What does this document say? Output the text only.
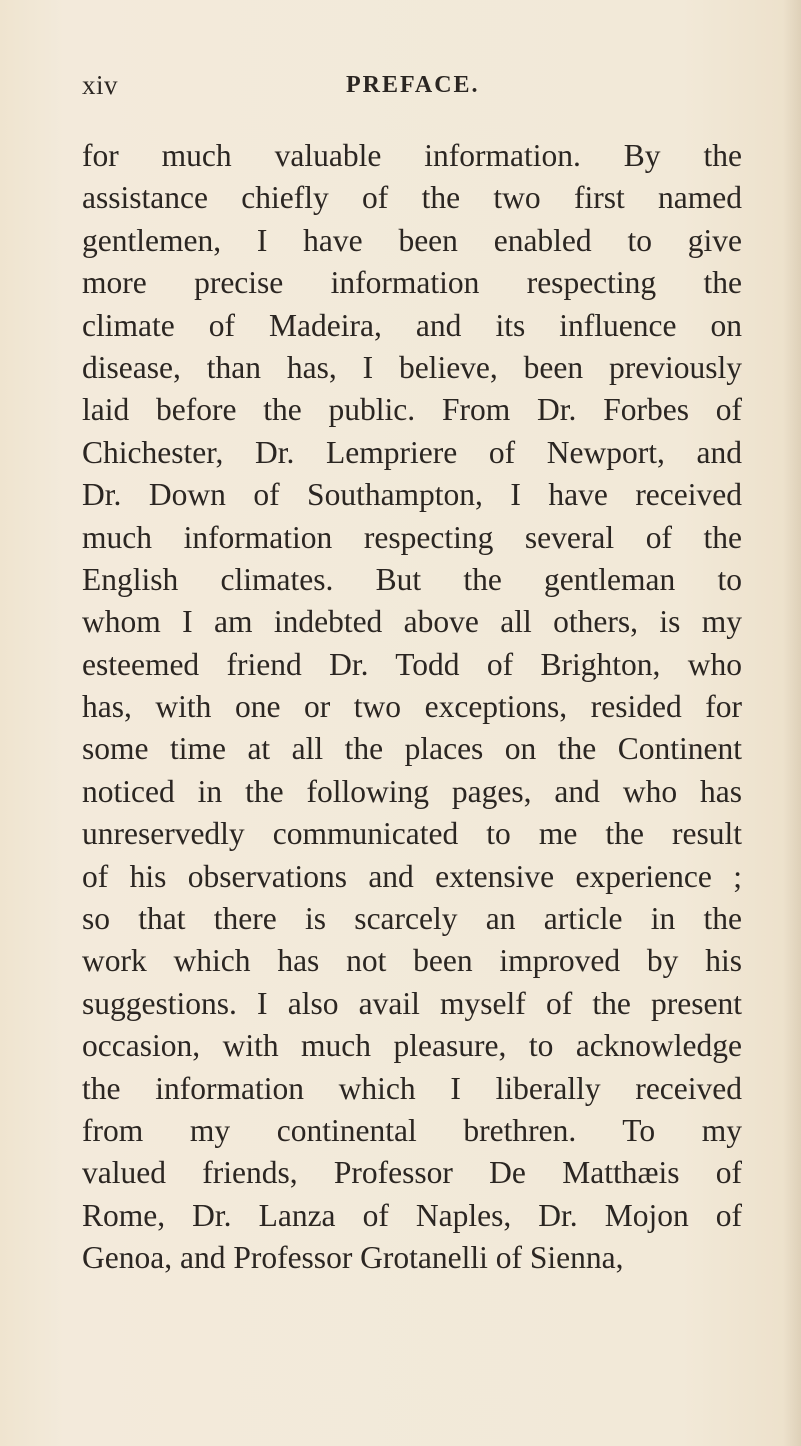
xiv	PREFACE.
for much valuable information. By the
assistance chiefly of the two first named
gentlemen, I have been enabled to give
more precise information respecting the
climate of Madeira, and its influence on
disease, than has, I believe, been previously
laid before the public. From Dr. Forbes of
Chichester, Dr. Lempriere of Newport, and
Dr. Down of Southampton, I have received
much information respecting several of the
English climates. But the gentleman to
whom I am indebted above all others, is my
esteemed friend Dr. Todd of Brighton, who
has, with one or two exceptions, resided for
some time at all the places on the Continent
noticed in the following pages, and who has
unreservedly communicated to me the result
of his observations and extensive experience ;
so that there is scarcely an article in the
work which has not been improved by his
suggestions. I also avail myself of the present
occasion, with much pleasure, to acknowledge
the information which I liberally received
from my continental brethren. To my
valued friends, Professor De Matthæis of
Rome, Dr. Lanza of Naples, Dr. Mojon of
Genoa, and Professor Grotanelli of Sienna,
